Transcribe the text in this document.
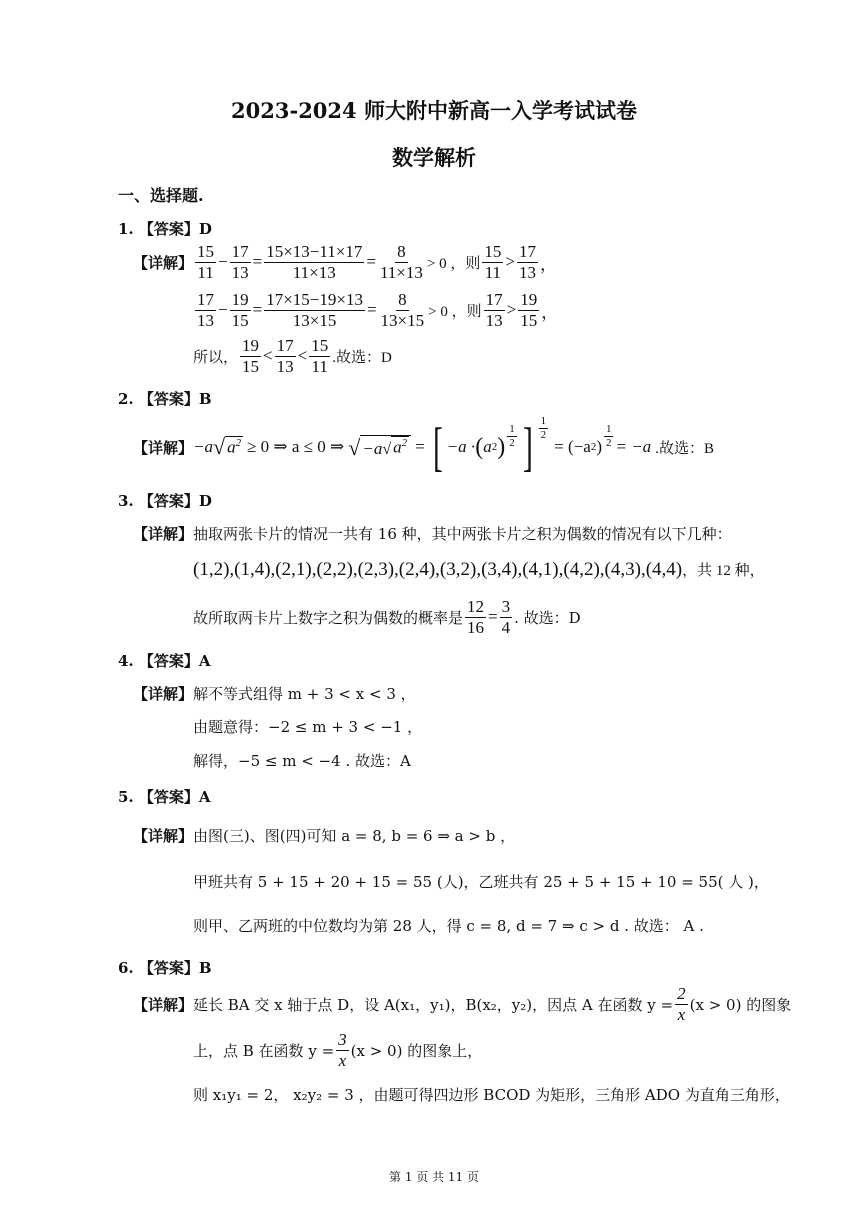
2023-2024 师大附中新高一入学考试试卷
数学解析
一、选择题.
1. 【答案】D
【详解】 $\frac{15}{11} - \frac{17}{13} = \frac{15\times 13-11\times 17}{11\times 13} = \frac{8}{11\times 13} > 0$ ，则 $\frac{15}{11} > \frac{17}{13}$ ，
$\frac{17}{13} - \frac{19}{15} = \frac{17\times 15-19\times 13}{13\times 15} = \frac{8}{13\times 15} > 0$ ，则 $\frac{17}{13} > \frac{19}{15}$ ，
所以， $\frac{19}{15} < \frac{17}{13} < \frac{15}{11}$ .故选：D
2. 【答案】B
【详解】 −a √ $a^2 \ge 0$ ⇒ a ≤ 0 ⇒ √ −a √ $a^2$ = [ −a · ( a 2 ) $\frac{1}{2}$ ] $\frac{1}{2}$
= (−a 2 ) $\frac{1}{2} = -a$ .故选：B
3. 【答案】D
【详解】抽取两张卡片的情况一共有 16 种，其中两张卡片之积为偶数的情况有以下几种：
(1,2),(1,4),(2,1),(2,2),(2,3),(2,4),(3,2),(3,4),(4,1),(4,2),(4,3),(4,4)，共 12 种，
故所取两卡片上数字之积为偶数的概率是 $\frac{12}{16} = \frac{3}{4}$ . 故选：D
4. 【答案】A
【详解】解不等式组得 m + 3 < x < 3 ，
由题意得：−2 ≤ m + 3 < −1 ，
解得，−5 ≤ m < −4 . 故选：A
5. 【答案】A
【详解】由图(三)、图(四)可知 a = 8, b = 6 ⇒ a > b ，
甲班共有 5 + 15 + 20 + 15 = 55 (人)，乙班共有 25 + 5 + 15 + 10 = 55( 人 )，
则甲、乙两班的中位数均为第 28 人，得 c = 8, d = 7 ⇒ c > d . 故选： A .
6. 【答案】B
【详解】 延长 BA 交 x 轴于点 D，设 A(x₁，y₁)，B(x₂，y₂)，因点 A 在函数 $y = \frac{2}{x} (x > 0)$ 的图象
上，点 B 在函数 $y = \frac{3}{x} (x > 0)$ 的图象上，
则 x₁y₁ = 2， x₂y₂ = 3 ，由题可得四边形 BCOD 为矩形，三角形 ADO 为直角三角形，
第 1 页 共 11 页
